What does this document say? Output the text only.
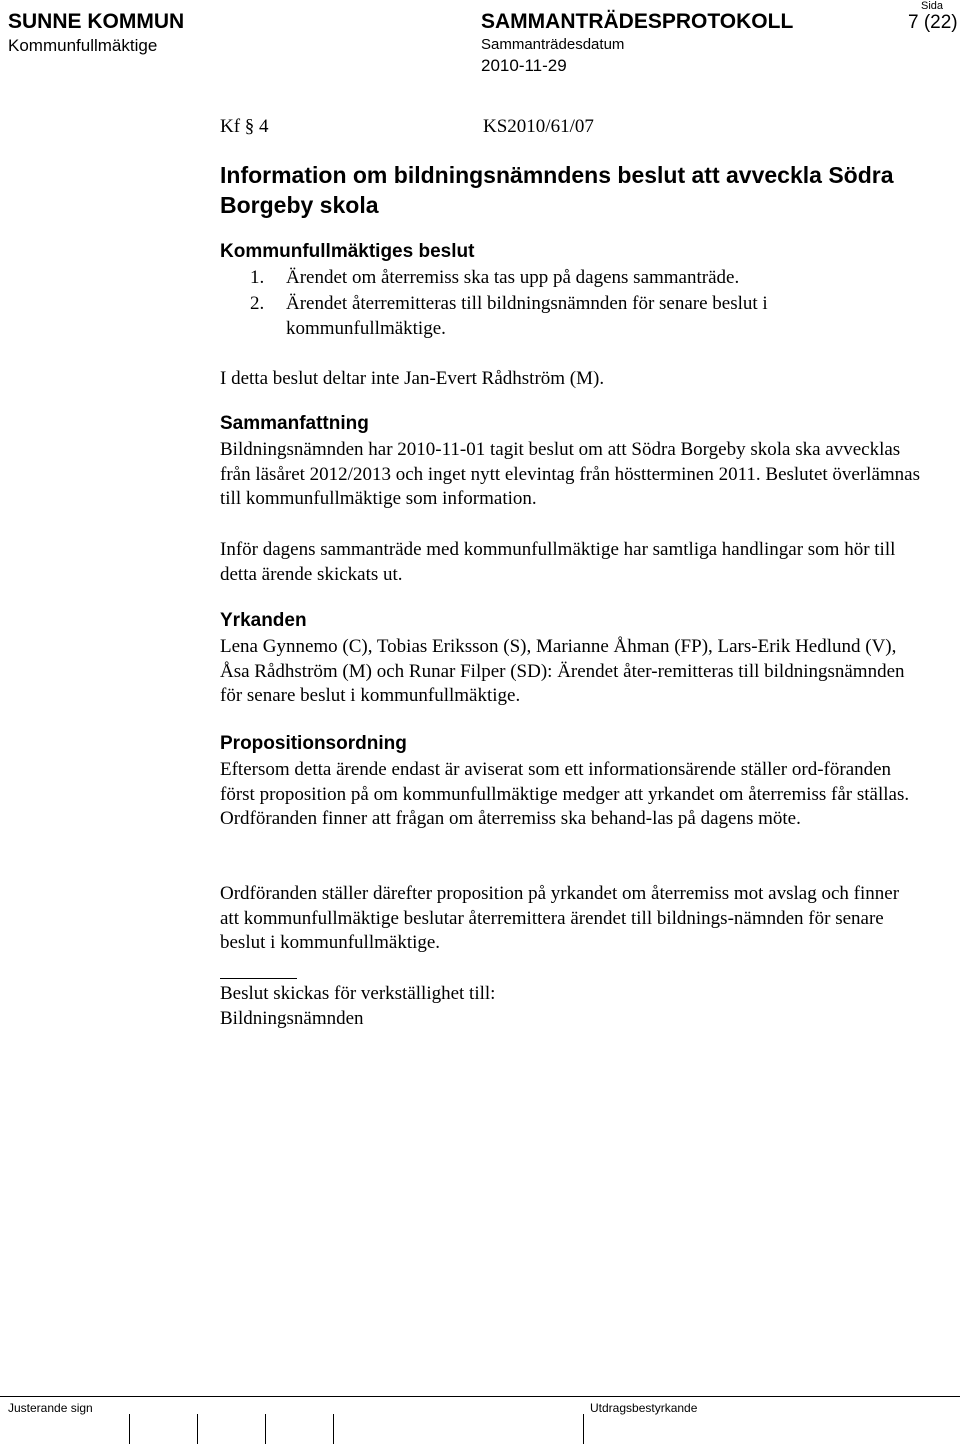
SUNNE KOMMUN
Kommunfullmäktige
SAMMANTRÄDESPROTOKOLL
Sammanträdesdatum
2010-11-29
Sida
7 (22)
Kf § 4	KS2010/61/07
Information om bildningsnämndens beslut att avveckla Södra Borgeby skola
Kommunfullmäktiges beslut
1. Ärendet om återremiss ska tas upp på dagens sammanträde.
2. Ärendet återremitteras till bildningsnämnden för senare beslut i kommunfullmäktige.
I detta beslut deltar inte Jan-Evert Rådhström (M).
Sammanfattning
Bildningsnämnden har 2010-11-01 tagit beslut om att Södra Borgeby skola ska avvecklas från läsåret 2012/2013 och inget nytt elevintag från höstterminen 2011. Beslutet överlämnas till kommunfullmäktige som information.
Inför dagens sammanträde med kommunfullmäktige har samtliga handlingar som hör till detta ärende skickats ut.
Yrkanden
Lena Gynnemo (C), Tobias Eriksson (S), Marianne Åhman (FP), Lars-Erik Hedlund (V), Åsa Rådhström (M) och Runar Filper (SD): Ärendet åter-remitteras till bildningsnämnden för senare beslut i kommunfullmäktige.
Propositionsordning
Eftersom detta ärende endast är aviserat som ett informationsärende ställer ord-föranden först proposition på om kommunfullmäktige medger att yrkandet om återremiss får ställas. Ordföranden finner att frågan om återremiss ska behand-las på dagens möte.
Ordföranden ställer därefter proposition på yrkandet om återremiss mot avslag och finner att kommunfullmäktige beslutar återremittera ärendet till bildnings-nämnden för senare beslut i kommunfullmäktige.
Beslut skickas för verkställighet till:
Bildningsnämnden
Justerande sign	Utdragsbestyrkande
